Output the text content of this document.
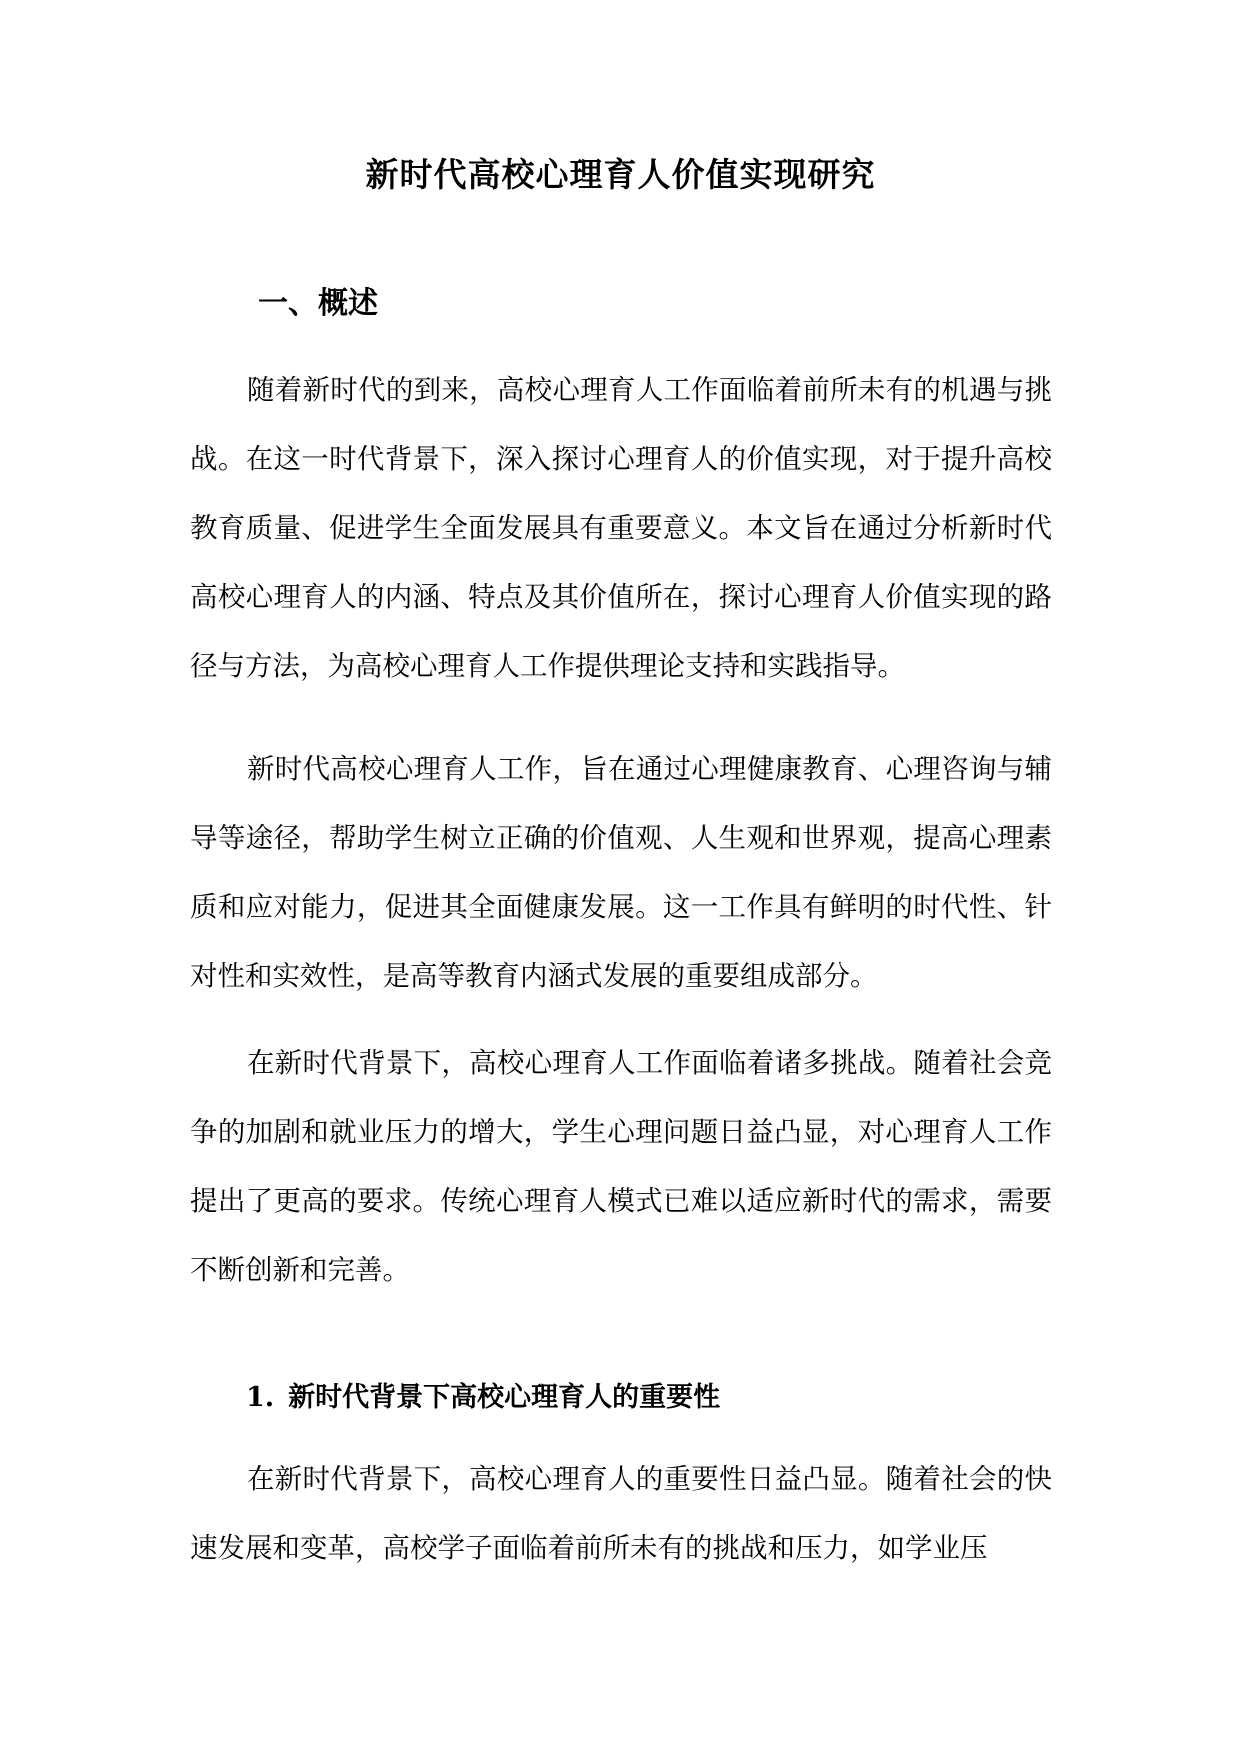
新时代高校心理育人价值实现研究
一、概述

随着新时代的到来，高校心理育人工作面临着前所未有的机遇与挑战。在这一时代背景下，深入探讨心理育人的价值实现，对于提升高校教育质量、促进学生全面发展具有重要意义。本文旨在通过分析新时代高校心理育人的内涵、特点及其价值所在，探讨心理育人价值实现的路径与方法，为高校心理育人工作提供理论支持和实践指导。

新时代高校心理育人工作，旨在通过心理健康教育、心理咨询与辅导等途径，帮助学生树立正确的价值观、人生观和世界观，提高心理素质和应对能力，促进其全面健康发展。这一工作具有鲜明的时代性、针对性和实效性，是高等教育内涵式发展的重要组成部分。

在新时代背景下，高校心理育人工作面临着诸多挑战。随着社会竞争的加剧和就业压力的增大，学生心理问题日益凸显，对心理育人工作提出了更高的要求。传统心理育人模式已难以适应新时代的需求，需要不断创新和完善。

1. 新时代背景下高校心理育人的重要性

在新时代背景下，高校心理育人的重要性日益凸显。随着社会的快速发展和变革，高校学子面临着前所未有的挑战和压力，如学业压
